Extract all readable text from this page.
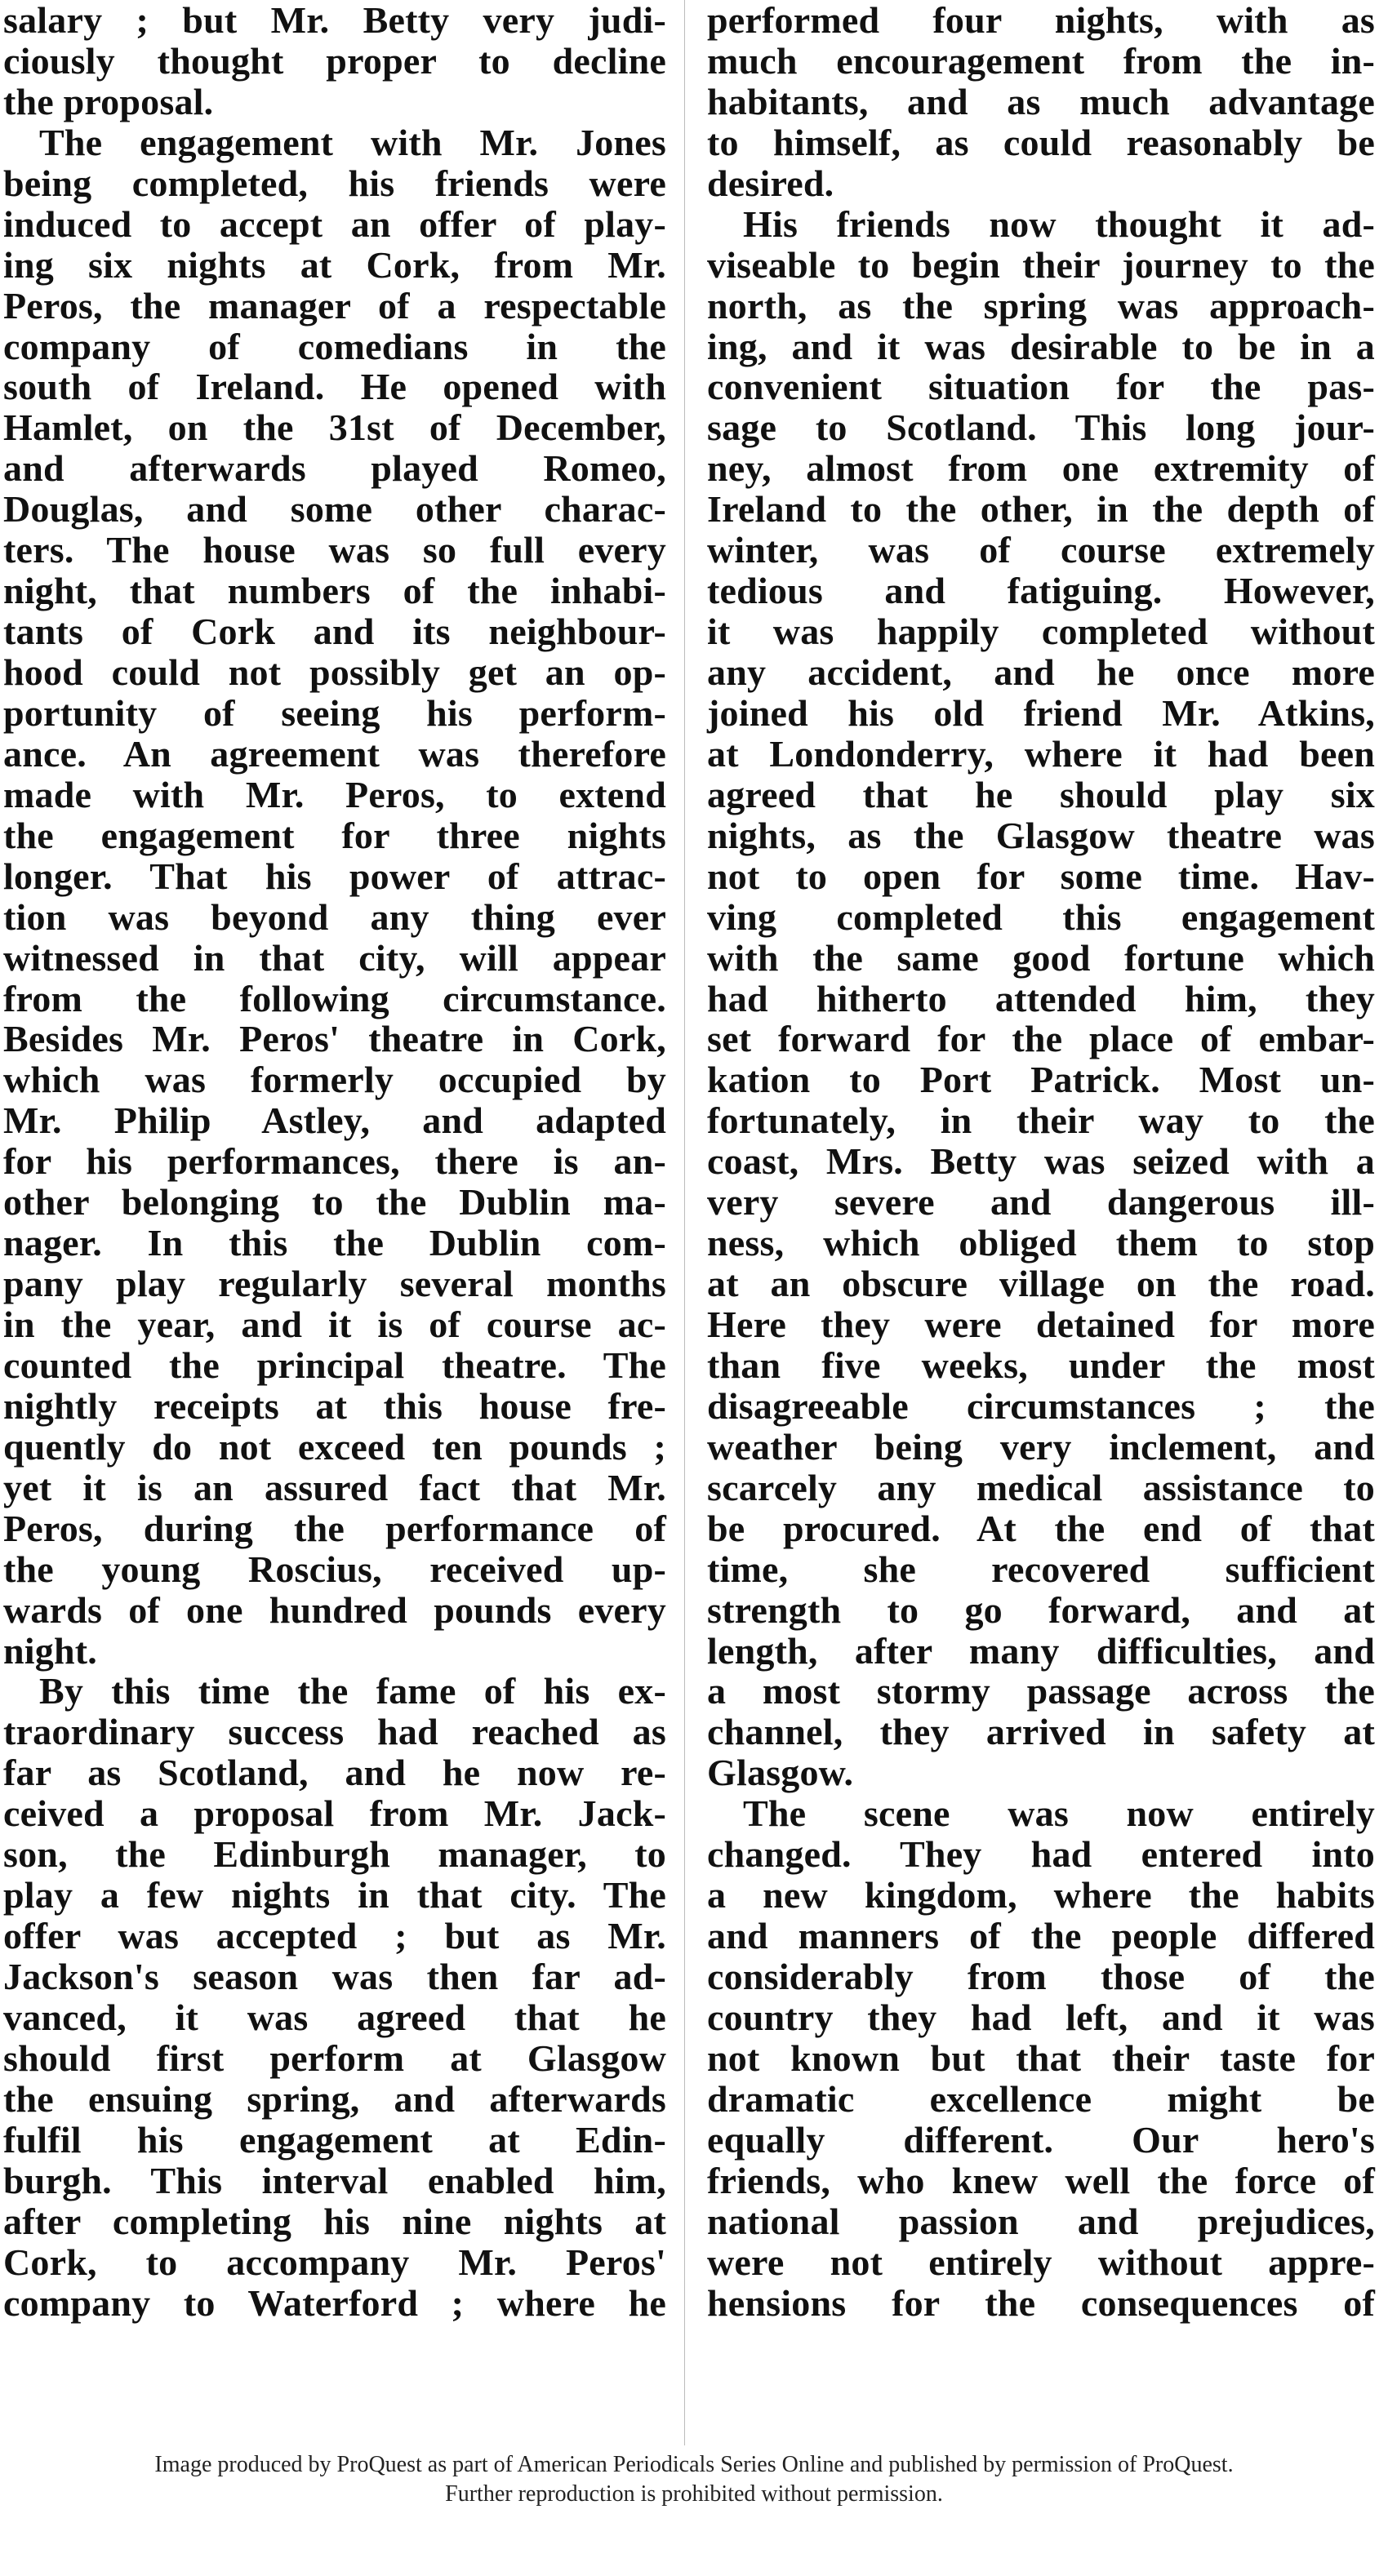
salary ; but Mr. Betty very judi-
ciously thought proper to decline
the proposal.
The engagement with Mr. Jones
being completed, his friends were
induced to accept an offer of play-
ing six nights at Cork, from Mr.
Peros, the manager of a respectable
company of comedians in the
south of Ireland. He opened with
Hamlet, on the 31st of December,
and afterwards played Romeo,
Douglas, and some other charac-
ters. The house was so full every
night, that numbers of the inhabi-
tants of Cork and its neighbour-
hood could not possibly get an op-
portunity of seeing his perform-
ance. An agreement was therefore
made with Mr. Peros, to extend
the engagement for three nights
longer. That his power of attrac-
tion was beyond any thing ever
witnessed in that city, will appear
from the following circumstance.
Besides Mr. Peros' theatre in Cork,
which was formerly occupied by
Mr. Philip Astley, and adapted
for his performances, there is an-
other belonging to the Dublin ma-
nager. In this the Dublin com-
pany play regularly several months
in the year, and it is of course ac-
counted the principal theatre. The
nightly receipts at this house fre-
quently do not exceed ten pounds ;
yet it is an assured fact that Mr.
Peros, during the performance of
the young Roscius, received up-
wards of one hundred pounds every
night.
By this time the fame of his ex-
traordinary success had reached as
far as Scotland, and he now re-
ceived a proposal from Mr. Jack-
son, the Edinburgh manager, to
play a few nights in that city. The
offer was accepted ; but as Mr.
Jackson's season was then far ad-
vanced, it was agreed that he
should first perform at Glasgow
the ensuing spring, and afterwards
fulfil his engagement at Edin-
burgh. This interval enabled him,
after completing his nine nights at
Cork, to accompany Mr. Peros'
company to Waterford ; where he
performed four nights, with as
much encouragement from the in-
habitants, and as much advantage
to himself, as could reasonably be
desired.
His friends now thought it ad-
viseable to begin their journey to the
north, as the spring was approach-
ing, and it was desirable to be in a
convenient situation for the pas-
sage to Scotland. This long jour-
ney, almost from one extremity of
Ireland to the other, in the depth of
winter, was of course extremely
tedious and fatiguing. However,
it was happily completed without
any accident, and he once more
joined his old friend Mr. Atkins,
at Londonderry, where it had been
agreed that he should play six
nights, as the Glasgow theatre was
not to open for some time. Hav-
ving completed this engagement
with the same good fortune which
had hitherto attended him, they
set forward for the place of embar-
kation to Port Patrick. Most un-
fortunately, in their way to the
coast, Mrs. Betty was seized with a
very severe and dangerous ill-
ness, which obliged them to stop
at an obscure village on the road.
Here they were detained for more
than five weeks, under the most
disagreeable circumstances ; the
weather being very inclement, and
scarcely any medical assistance to
be procured. At the end of that
time, she recovered sufficient
strength to go forward, and at
length, after many difficulties, and
a most stormy passage across the
channel, they arrived in safety at
Glasgow.
The scene was now entirely
changed. They had entered into
a new kingdom, where the habits
and manners of the people differed
considerably from those of the
country they had left, and it was
not known but that their taste for
dramatic excellence might be
equally different. Our hero's
friends, who knew well the force of
national passion and prejudices,
were not entirely without appre-
hensions for the consequences of
Image produced by ProQuest as part of American Periodicals Series Online and published by permission of ProQuest.
Further reproduction is prohibited without permission.
